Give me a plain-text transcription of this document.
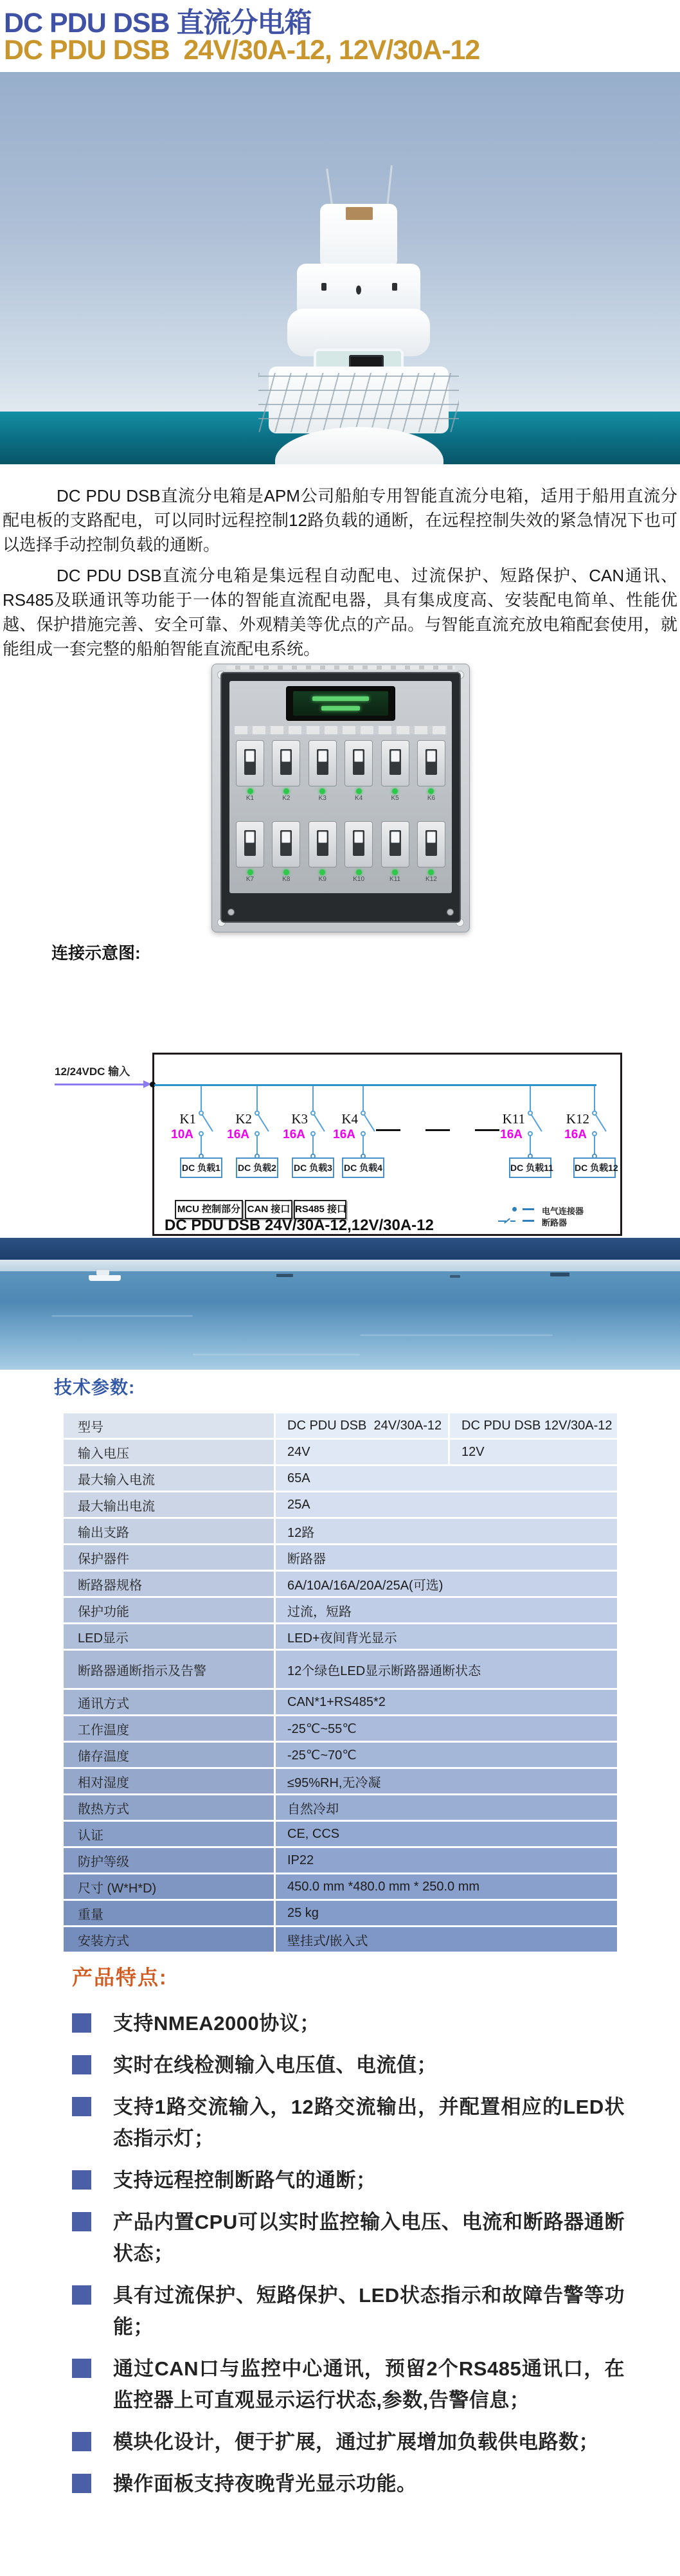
DC PDU DSB 直流分电箱
DC PDU DSB  24V/30A-12, 12V/30A-12

DC PDU DSB直流分电箱是APM公司船舶专用智能直流分电箱，适用于船用直流分配电板的支路配电，可以同时远程控制12路负载的通断，在远程控制失效的紧急情况下也可以选择手动控制负载的通断。

DC PDU DSB直流分电箱是集远程自动配电、过流保护、短路保护、CAN通讯、RS485及联通讯等功能于一体的智能直流配电器，具有集成度高、安装配电简单、性能优越、保护措施完善、安全可靠、外观精美等优点的产品。与智能直流充放电箱配套使用，就能组成一套完整的船舶智能直流配电系统。

K1	K2	K3	K4	K5	K6
K7	K8	K9	K10	K11	K12
连接示意图:
12/24VDC 输入
K1
10A
DC 负载1
K2
16A
DC 负载2
K3
16A
DC 负载3
K4
16A
DC 负载4
K11
16A
DC 负载11
K12
16A
DC 负载12
MCU 控制部分 CAN 接口 RS485 接口	电气连接器
断路器
DC PDU DSB 24V/30A-12,12V/30A-12
技术参数:
型号	DC PDU DSB  24V/30A-12	DC PDU DSB 12V/30A-12
输入电压	24V	12V
最大输入电流	65A
最大输出电流	25A
输出支路	12路
保护器件	断路器
断路器规格	6A/10A/16A/20A/25A(可选)
保护功能	过流，短路
LED显示	LED+夜间背光显示
断路器通断指示及告警	12个绿色LED显示断路器通断状态
通讯方式	CAN*1+RS485*2
工作温度	-25℃~55℃
储存温度	-25℃~70℃
相对湿度	≤95%RH,无冷凝
散热方式	自然冷却
认证	CE, CCS
防护等级	IP22
尺寸 (W*H*D)	450.0 mm *480.0 mm * 250.0 mm
重量	25 kg
安装方式	壁挂式/嵌入式
产品特点:
支持NMEA2000协议；
实时在线检测输入电压值、电流值；
支持1路交流输入，12路交流输出，并配置相应的LED状态指示灯；
支持远程控制断路气的通断；
产品内置CPU可以实时监控输入电压、电流和断路器通断状态；
具有过流保护、短路保护、LED状态指示和故障告警等功能；
通过CAN口与监控中心通讯，预留2个RS485通讯口，在监控器上可直观显示运行状态,参数,告警信息；
模块化设计，便于扩展，通过扩展增加负载供电路数；
操作面板支持夜晚背光显示功能。
